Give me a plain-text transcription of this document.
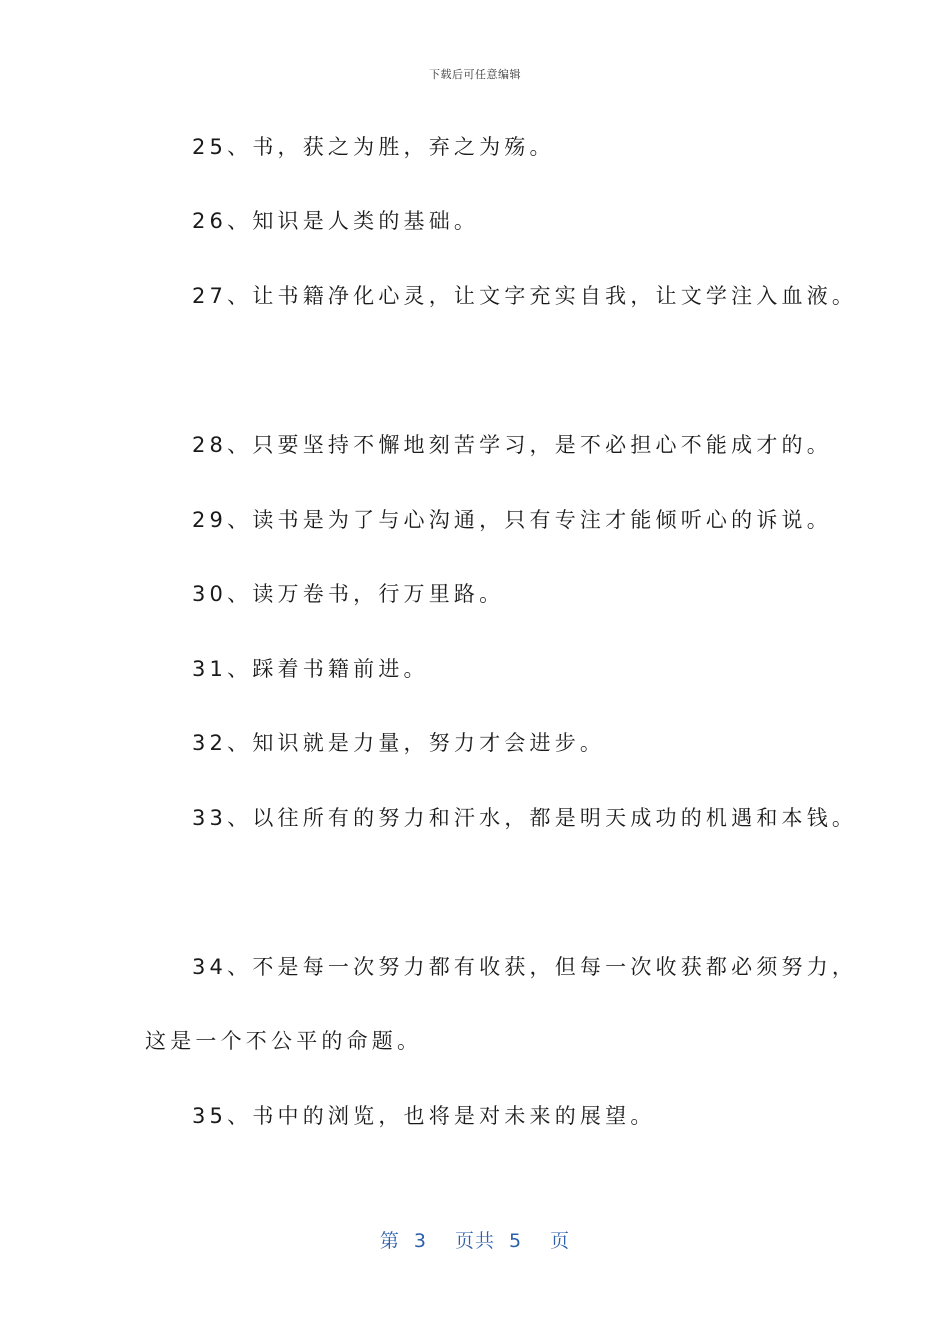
下载后可任意编辑
25、书，获之为胜，弃之为殇。
26、知识是人类的基础。
27、让书籍净化心灵，让文字充实自我，让文学注入血液。
28、只要坚持不懈地刻苦学习，是不必担心不能成才的。
29、读书是为了与心沟通，只有专注才能倾听心的诉说。
30、读万卷书，行万里路。
31、踩着书籍前进。
32、知识就是力量，努力才会进步。
33、以往所有的努力和汗水，都是明天成功的机遇和本钱。
34、不是每一次努力都有收获，但每一次收获都必须努力，
这是一个不公平的命题。
35、书中的浏览，也将是对未来的展望。
第 3 页共 5 页
